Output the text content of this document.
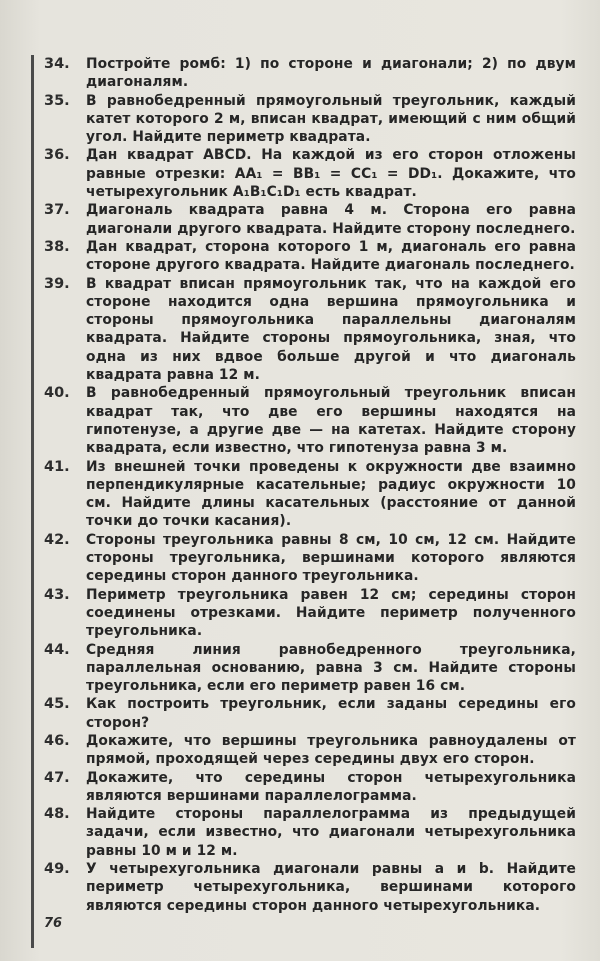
34.	Постройте ромб: 1) по стороне и диагонали; 2) по двум диагоналям.
35.	В равнобедренный прямоугольный треугольник, каждый катет которого 2 м, вписан квадрат, имеющий с ним общий угол. Найдите периметр квадрата.
36.	Дан квадрат ABCD. На каждой из его сторон отложены равные отрезки: AA₁ = BB₁ = CC₁ = DD₁. Докажите, что четырехугольник A₁B₁C₁D₁ есть квадрат.
37.	Диагональ квадрата равна 4 м. Сторона его равна диагонали другого квадрата. Найдите сторону последнего.
38.	Дан квадрат, сторона которого 1 м, диагональ его равна стороне другого квадрата. Найдите диагональ последнего.
39.	В квадрат вписан прямоугольник так, что на каждой его стороне находится одна вершина прямоугольника и стороны прямоугольника параллельны диагоналям квадрата. Найдите стороны прямоугольника, зная, что одна из них вдвое больше другой и что диагональ квадрата равна 12 м.
40.	В равнобедренный прямоугольный треугольник вписан квадрат так, что две его вершины находятся на гипотенузе, а другие две — на катетах. Найдите сторону квадрата, если известно, что гипотенуза равна 3 м.
41.	Из внешней точки проведены к окружности две взаимно перпендикулярные касательные; радиус окружности 10 см. Найдите длины касательных (расстояние от данной точки до точки касания).
42.	Стороны треугольника равны 8 см, 10 см, 12 см. Найдите стороны треугольника, вершинами которого являются середины сторон данного треугольника.
43.	Периметр треугольника равен 12 см; середины сторон соединены отрезками. Найдите периметр полученного треугольника.
44.	Средняя линия равнобедренного треугольника, параллельная основанию, равна 3 см. Найдите стороны треугольника, если его периметр равен 16 см.
45.	Как построить треугольник, если заданы середины его сторон?
46.	Докажите, что вершины треугольника равноудалены от прямой, проходящей через середины двух его сторон.
47.	Докажите, что середины сторон четырехугольника являются вершинами параллелограмма.
48.	Найдите стороны параллелограмма из предыдущей задачи, если известно, что диагонали четырехугольника равны 10 м и 12 м.
49.	У четырехугольника диагонали равны a и b. Найдите периметр четырехугольника, вершинами которого являются середины сторон данного четырехугольника.
76
